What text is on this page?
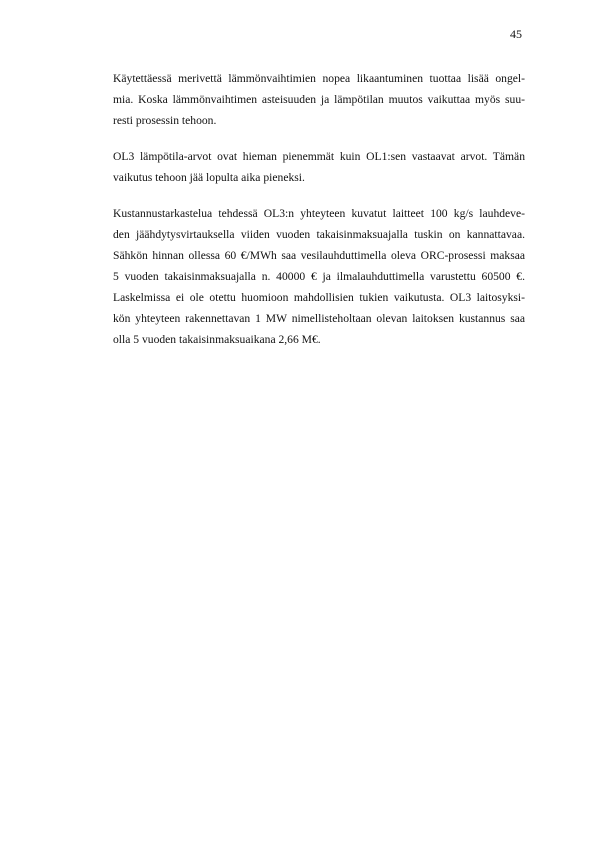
45
Käytettäessä merivettä lämmönvaihtimien nopea likaantuminen tuottaa lisää ongel-
mia. Koska lämmönvaihtimen asteisuuden ja lämpötilan muutos vaikuttaa myös suu-
resti prosessin tehoon.
OL3 lämpötila-arvot ovat hieman pienemmät kuin OL1:sen vastaavat arvot. Tämän
vaikutus tehoon jää lopulta aika pieneksi.
Kustannustarkastelua tehdessä OL3:n yhteyteen kuvatut laitteet 100 kg/s lauhdeve-
den jäähdytysvirtauksella viiden vuoden takaisinmaksuajalla tuskin on kannattavaa.
Sähkön hinnan ollessa 60 €/MWh saa vesilauhduttimella oleva ORC-prosessi maksaa
5 vuoden takaisinmaksuajalla n. 40000 € ja ilmalauhduttimella varustettu 60500 €.
Laskelmissa ei ole otettu huomioon mahdollisien tukien vaikutusta. OL3 laitosyksi-
kön yhteyteen rakennettavan 1 MW nimellisteholtaan olevan laitoksen kustannus saa
olla 5 vuoden takaisinmaksuaikana 2,66 M€.
